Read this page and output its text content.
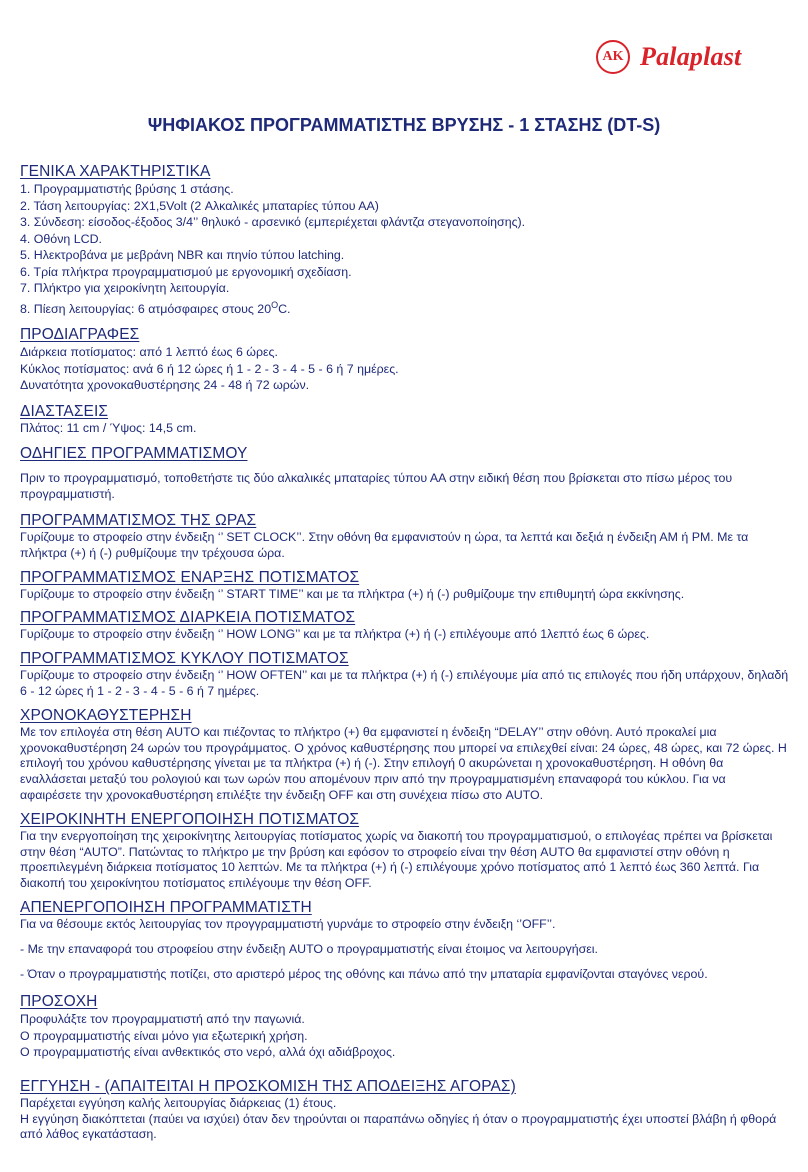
AK Palaplast
ΨΗΦΙΑΚΟΣ ΠΡΟΓΡΑΜΜΑΤΙΣΤΗΣ ΒΡΥΣΗΣ - 1 ΣΤΑΣΗΣ (DT-S)
ΓΕΝΙΚΑ ΧΑΡΑΚΤΗΡΙΣΤΙΚΑ
1. Προγραμματιστής βρύσης 1 στάσης.
2. Τάση λειτουργίας: 2X1,5Volt (2 Αλκαλικές μπαταρίες τύπου ΑΑ)
3. Σύνδεση: είσοδος-έξοδος 3/4’’ θηλυκό - αρσενικό (εμπεριέχεται φλάντζα στεγανοποίησης).
4. Οθόνη LCD.
5. Ηλεκτροβάνα με μεβράνη NBR και πηνίο τύπου latching.
6. Τρία πλήκτρα προγραμματισμού με εργονομική σχεδίαση.
7. Πλήκτρο για χειροκίνητη λειτουργία.
8. Πίεση λειτουργίας: 6 ατμόσφαιρες στους $20^OC$.
ΠΡΟΔΙΑΓΡΑΦΕΣ
Διάρκεια ποτίσματος: από 1 λεπτό έως 6 ώρες.
Κύκλος ποτίσματος: ανά 6 ή 12 ώρες ή 1 - 2 - 3 - 4 - 5 - 6 ή 7 ημέρες.
Δυνατότητα χρονοκαθυστέρησης 24 - 48 ή 72 ωρών.
ΔΙΑΣΤΑΣΕΙΣ

Πλάτος: 11 cm / Ύψος: 14,5 cm.

ΟΔΗΓΙΕΣ ΠΡΟΓΡΑΜΜΑΤΙΣΜΟΥ

Πριν το προγραμματισμό, τοποθετήστε τις δύο αλκαλικές μπαταρίες τύπου ΑΑ στην ειδική θέση που βρίσκεται στο πίσω μέρος του προγραμματιστή.

ΠΡΟΓΡΑΜΜΑΤΙΣΜΟΣ ΤΗΣ ΩΡΑΣ

Γυρίζουμε το στροφείο στην ένδειξη ‘’ SET CLOCK’’. Στην οθόνη θα εμφανιστούν η ώρα, τα λεπτά και δεξιά η ένδειξη ΑΜ ή ΡΜ. Με τα πλήκτρα (+) ή (-) ρυθμίζουμε την τρέχουσα ώρα.

ΠΡΟΓΡΑΜΜΑΤΙΣΜΟΣ ΕΝΑΡΞΗΣ ΠΟΤΙΣΜΑΤΟΣ

Γυρίζουμε το στροφείο στην ένδειξη ‘’ START TIME’’ και με τα πλήκτρα (+) ή (-) ρυθμίζουμε την επιθυμητή ώρα εκκίνησης.

ΠΡΟΓΡΑΜΜΑΤΙΣΜΟΣ ΔΙΑΡΚΕΙΑ ΠΟΤΙΣΜΑΤΟΣ

Γυρίζουμε το στροφείο στην ένδειξη ‘’ HOW LONG’’ και με τα πλήκτρα (+) ή (-) επιλέγουμε από 1λεπτό έως 6 ώρες.

ΠΡΟΓΡΑΜΜΑΤΙΣΜΟΣ ΚΥΚΛΟΥ ΠΟΤΙΣΜΑΤΟΣ

Γυρίζουμε το στροφείο στην ένδειξη ‘’ HOW OFTEN’’ και με τα πλήκτρα (+) ή (-) επιλέγουμε μία από τις επιλογές που ήδη υπάρχουν, δηλαδή 6 - 12 ώρες ή 1 - 2 - 3 - 4 - 5 - 6 ή 7 ημέρες.

ΧΡΟΝΟΚΑΘΥΣΤΕΡΗΣΗ

Με τον επιλογέα στη θέση AUTO και πιέζοντας το πλήκτρο (+) θα εμφανιστεί η ένδειξη “DELAY’’ στην οθόνη. Αυτό προκαλεί μια χρονοκαθυστέρηση 24 ωρών του προγράμματος. Ο χρόνος καθυστέρησης που μπορεί να επιλεχθεί είναι: 24 ώρες, 48 ώρες, και 72 ώρες. Η επιλογή του χρόνου καθυστέρησης γίνεται με τα πλήκτρα (+) ή (-). Στην επιλογή 0 ακυρώνεται η χρονοκαθυστέρηση. Η οθόνη θα εναλλάσεται μεταξύ του ρολογιού και των ωρών που απομένουν πριν από την προγραμματισμένη επαναφορά του κύκλου. Για να αφαιρέσετε την χρονοκαθυστέρηση επιλέξτε την ένδειξη OFF και στη συνέχεια πίσω στο AUTO.

ΧΕΙΡΟΚΙΝΗΤΗ ΕΝΕΡΓΟΠΟΙΗΣΗ ΠΟΤΙΣΜΑΤΟΣ

Για την ενεργοποίηση της χειροκίνητης λειτουργίας ποτίσματος χωρίς να διακοπή του προγραμματισμού, ο επιλογέας πρέπει να βρίσκεται στην θέση “AUTO”. Πατώντας το πλήκτρο με την βρύση και εφόσον το στροφείο είναι την θέση AUTO θα εμφανιστεί στην οθόνη η προεπιλεγμένη διάρκεια ποτίσματος 10 λεπτών. Με τα πλήκτρα (+) ή (-) επιλέγουμε χρόνο ποτίσματος από 1 λεπτό έως 360 λεπτά. Για διακοπή του χειροκίνητου ποτίσματος επιλέγουμε την θέση OFF.

ΑΠΕΝΕΡΓΟΠΟΙΗΣΗ ΠΡΟΓΡΑΜΜΑΤΙΣΤΗ

Για να θέσουμε εκτός λειτουργίας τον προγγραμματιστή γυρνάμε το στροφείο στην ένδειξη ‘’OFF’’.

- Με την επαναφορά του στροφείου στην ένδειξη AUTO ο προγραμματιστής είναι έτοιμος να λειτουργήσει.

- Όταν ο προγραμματιστής ποτίζει, στο αριστερό μέρος της οθόνης και πάνω από την μπαταρία εμφανίζονται σταγόνες νερού.

ΠΡΟΣΟΧΗ
Προφυλάξτε τον προγραμματιστή από την παγωνιά.
Ο προγραμματιστής είναι μόνο για εξωτερική χρήση.
Ο προγραμματιστής είναι ανθεκτικός στο νερό, αλλά όχι αδιάβροχος.
ΕΓΓΥΗΣΗ - (ΑΠΑΙΤΕΙΤΑΙ Η ΠΡΟΣΚΟΜΙΣΗ ΤΗΣ ΑΠΟΔΕΙΞΗΣ ΑΓΟΡΑΣ)

Παρέχεται εγγύηση καλής λειτουργίας διάρκειας (1) έτους.

Η εγγύηση διακόπτεται (παύει να ισχύει) όταν δεν τηρούνται οι παραπάνω οδηγίες ή όταν ο προγραμματιστής έχει υποστεί βλάβη ή φθορά από λάθος εγκατάσταση.
